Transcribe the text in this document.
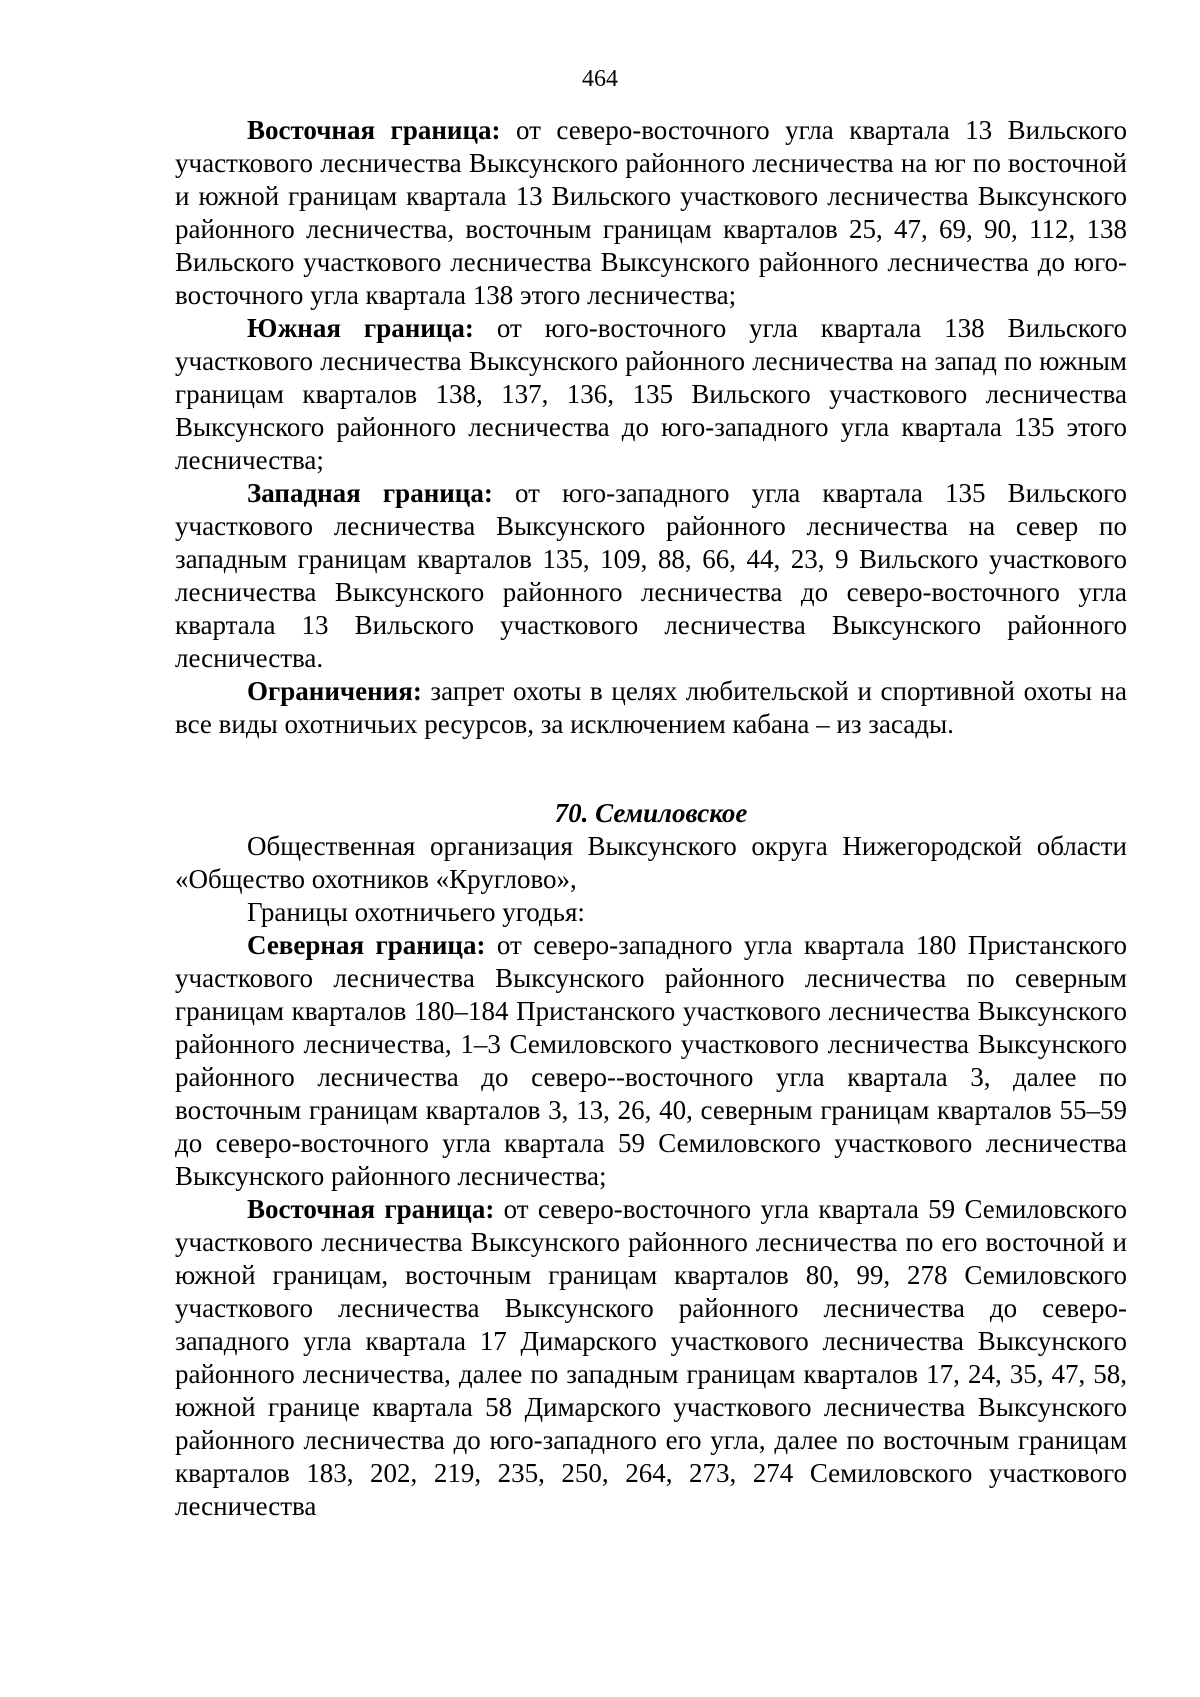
464

Восточная граница: от северо-восточного угла квартала 13 Вильского участкового лесничества Выксунского районного лесничества на юг по восточной и южной границам квартала 13 Вильского участкового лесничества Выксунского районного лесничества, восточным границам кварталов 25, 47, 69, 90, 112, 138 Вильского участкового лесничества Выксунского районного лесничества до юго-восточного угла квартала 138 этого лесничества;

Южная граница: от юго-восточного угла квартала 138 Вильского участкового лесничества Выксунского районного лесничества на запад по южным границам кварталов 138, 137, 136, 135 Вильского участкового лесничества Выксунского районного лесничества до юго-западного угла квартала 135 этого лесничества;

Западная граница: от юго-западного угла квартала 135 Вильского участкового лесничества Выксунского районного лесничества на север по западным границам кварталов 135, 109, 88, 66, 44, 23, 9 Вильского участкового лесничества Выксунского районного лесничества до северо-восточного угла квартала 13 Вильского участкового лесничества Выксунского районного лесничества.

Ограничения: запрет охоты в целях любительской и спортивной охоты на все виды охотничьих ресурсов, за исключением кабана – из засады.

70. Семиловское

Общественная организация Выксунского округа Нижегородской области «Общество охотников «Круглово»,

Границы охотничьего угодья:

Северная граница: от северо-западного угла квартала 180 Пристанского участкового лесничества Выксунского районного лесничества по северным границам кварталов 180–184 Пристанского участкового лесничества Выксунского районного лесничества, 1–3 Семиловского участкового лесничества Выксунского районного лесничества до северо--восточного угла квартала 3, далее по восточным границам кварталов 3, 13, 26, 40, северным границам кварталов 55–59 до северо-восточного угла квартала 59 Семиловского участкового лесничества Выксунского районного лесничества;

Восточная граница: от северо-восточного угла квартала 59 Семиловского участкового лесничества Выксунского районного лесничества по его восточной и южной границам, восточным границам кварталов 80, 99, 278 Семиловского участкового лесничества Выксунского районного лесничества до северо-западного угла квартала 17 Димарского участкового лесничества Выксунского районного лесничества, далее по западным границам кварталов 17, 24, 35, 47, 58, южной границе квартала 58 Димарского участкового лесничества Выксунского районного лесничества до юго-западного его угла, далее по восточным границам кварталов 183, 202, 219, 235, 250, 264, 273, 274 Семиловского участкового лесничества
